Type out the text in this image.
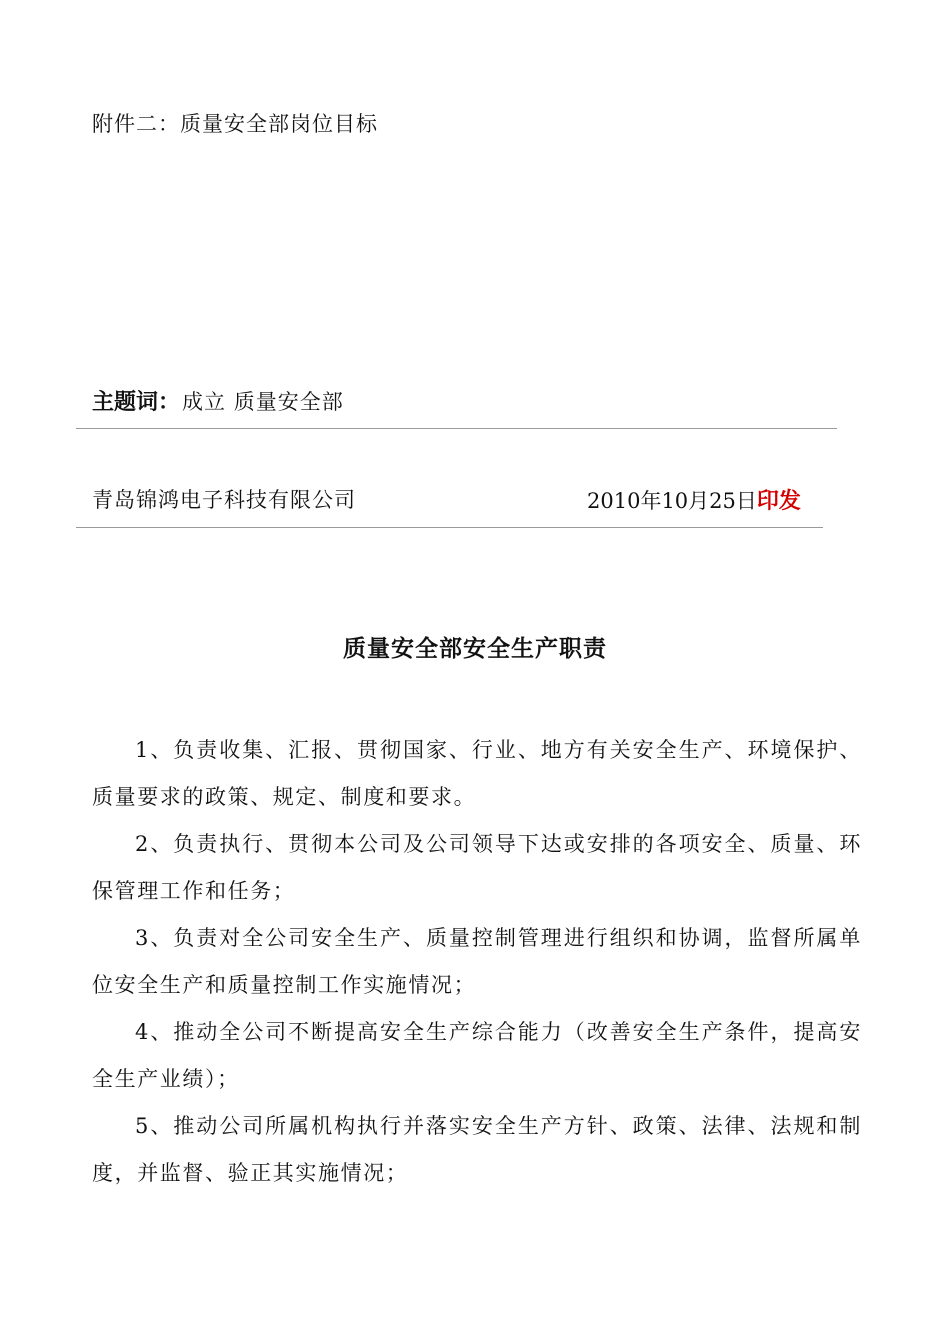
附件二：质量安全部岗位目标
主题词：成立 质量安全部
青岛锦鸿电子科技有限公司	2010年10月25日印发
质量安全部安全生产职责

1、负责收集、汇报、贯彻国家、行业、地方有关安全生产、环境保护、质量要求的政策、规定、制度和要求。

2、负责执行、贯彻本公司及公司领导下达或安排的各项安全、质量、环保管理工作和任务；

3、负责对全公司安全生产、质量控制管理进行组织和协调，监督所属单位安全生产和质量控制工作实施情况；

4、推动全公司不断提高安全生产综合能力（改善安全生产条件，提高安全生产业绩）；

5、推动公司所属机构执行并落实安全生产方针、政策、法律、法规和制度，并监督、验正其实施情况；
